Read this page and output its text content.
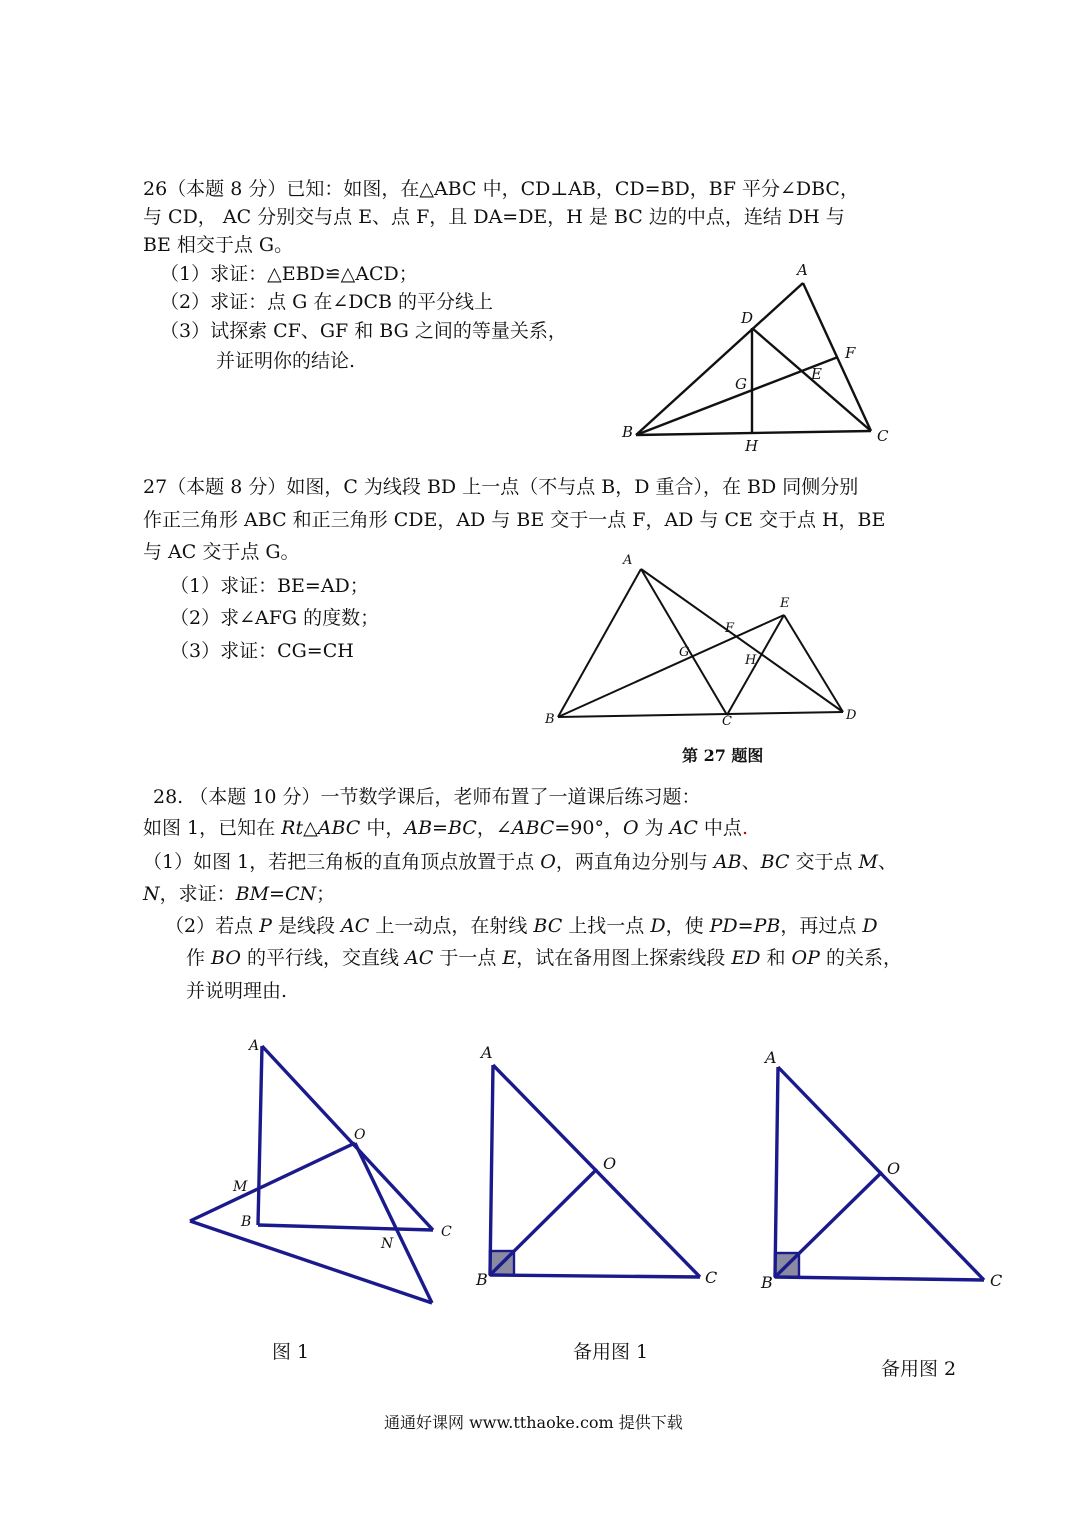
26（本题 8 分）已知：如图，在△ABC 中，CD⊥AB，CD=BD，BF 平分∠DBC，
与 CD， AC 分别交与点 E、点 F，且 DA=DE，H 是 BC 边的中点，连结 DH 与
BE 相交于点 G。
（1）求证：△EBD≌△ACD；
（2）求证：点 G 在∠DCB 的平分线上
（3）试探索 CF、GF 和 BG 之间的等量关系，
并证明你的结论.
A
D
F
E
G
B
H
C
27（本题 8 分）如图，C 为线段 BD 上一点（不与点 B，D 重合），在 BD 同侧分别
作正三角形 ABC 和正三角形 CDE，AD 与 BE 交于一点 F，AD 与 CE 交于点 H，BE
与 AC 交于点 G。
（1）求证：BE=AD；
（2）求∠AFG 的度数；
（3）求证：CG=CH
A
E
F
G
H
B	C	D
第 27 题图
28. （本题 10 分）一节数学课后，老师布置了一道课后练习题：
如图 1，已知在 Rt△ABC 中，AB=BC，∠ABC=90°，O 为 AC 中点.
（1）如图 1，若把三角板的直角顶点放置于点 O，两直角边分别与 AB、BC 交于点 M、
N，求证：BM=CN；
（2）若点 P 是线段 AC 上一动点，在射线 BC 上找一点 D，使 PD=PB，再过点 D
作 BO 的平行线，交直线 AC 于一点 E，试在备用图上探索线段 ED 和 OP 的关系，
并说明理由.
A
O
M
B
N
C
A
O
B	C
A
O
B	C
图 1	备用图 1
备用图 2
通通好课网 www.tthaoke.com 提供下载
